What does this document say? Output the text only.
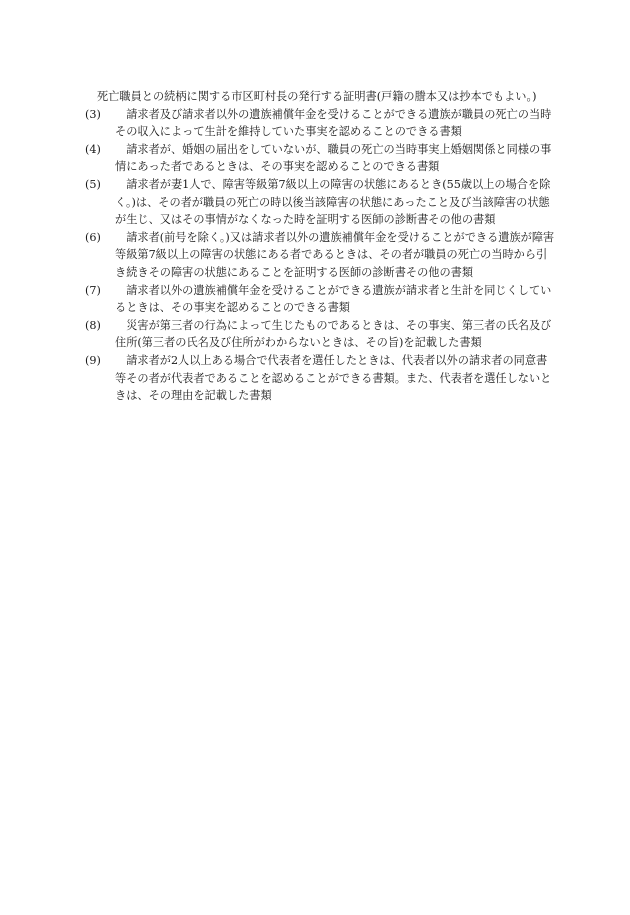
死亡職員との続柄に関する市区町村長の発行する証明書(戸籍の謄本又は抄本でもよい。)

(3)	請求者及び請求者以外の遺族補償年金を受けることができる遺族が職員の死亡の当時その収入によって生計を維持していた事実を認めることのできる書類
(4)	請求者が、婚姻の届出をしていないが、職員の死亡の当時事実上婚姻関係と同様の事情にあった者であるときは、その事実を認めることのできる書類
(5)	請求者が妻1人で、障害等級第7級以上の障害の状態にあるとき(55歳以上の場合を除く。)は、その者が職員の死亡の時以後当該障害の状態にあったこと及び当該障害の状態が生じ、又はその事情がなくなった時を証明する医師の診断書その他の書類
(6)	請求者(前号を除く。)又は請求者以外の遺族補償年金を受けることができる遺族が障害等級第7級以上の障害の状態にある者であるときは、その者が職員の死亡の当時から引き続きその障害の状態にあることを証明する医師の診断書その他の書類
(7)	請求者以外の遺族補償年金を受けることができる遺族が請求者と生計を同じくしているときは、その事実を認めることのできる書類
(8)	災害が第三者の行為によって生じたものであるときは、その事実、第三者の氏名及び住所(第三者の氏名及び住所がわからないときは、その旨)を記載した書類
(9)	請求者が2人以上ある場合で代表者を選任したときは、代表者以外の請求者の同意書等その者が代表者であることを認めることができる書類。また、代表者を選任しないときは、その理由を記載した書類
